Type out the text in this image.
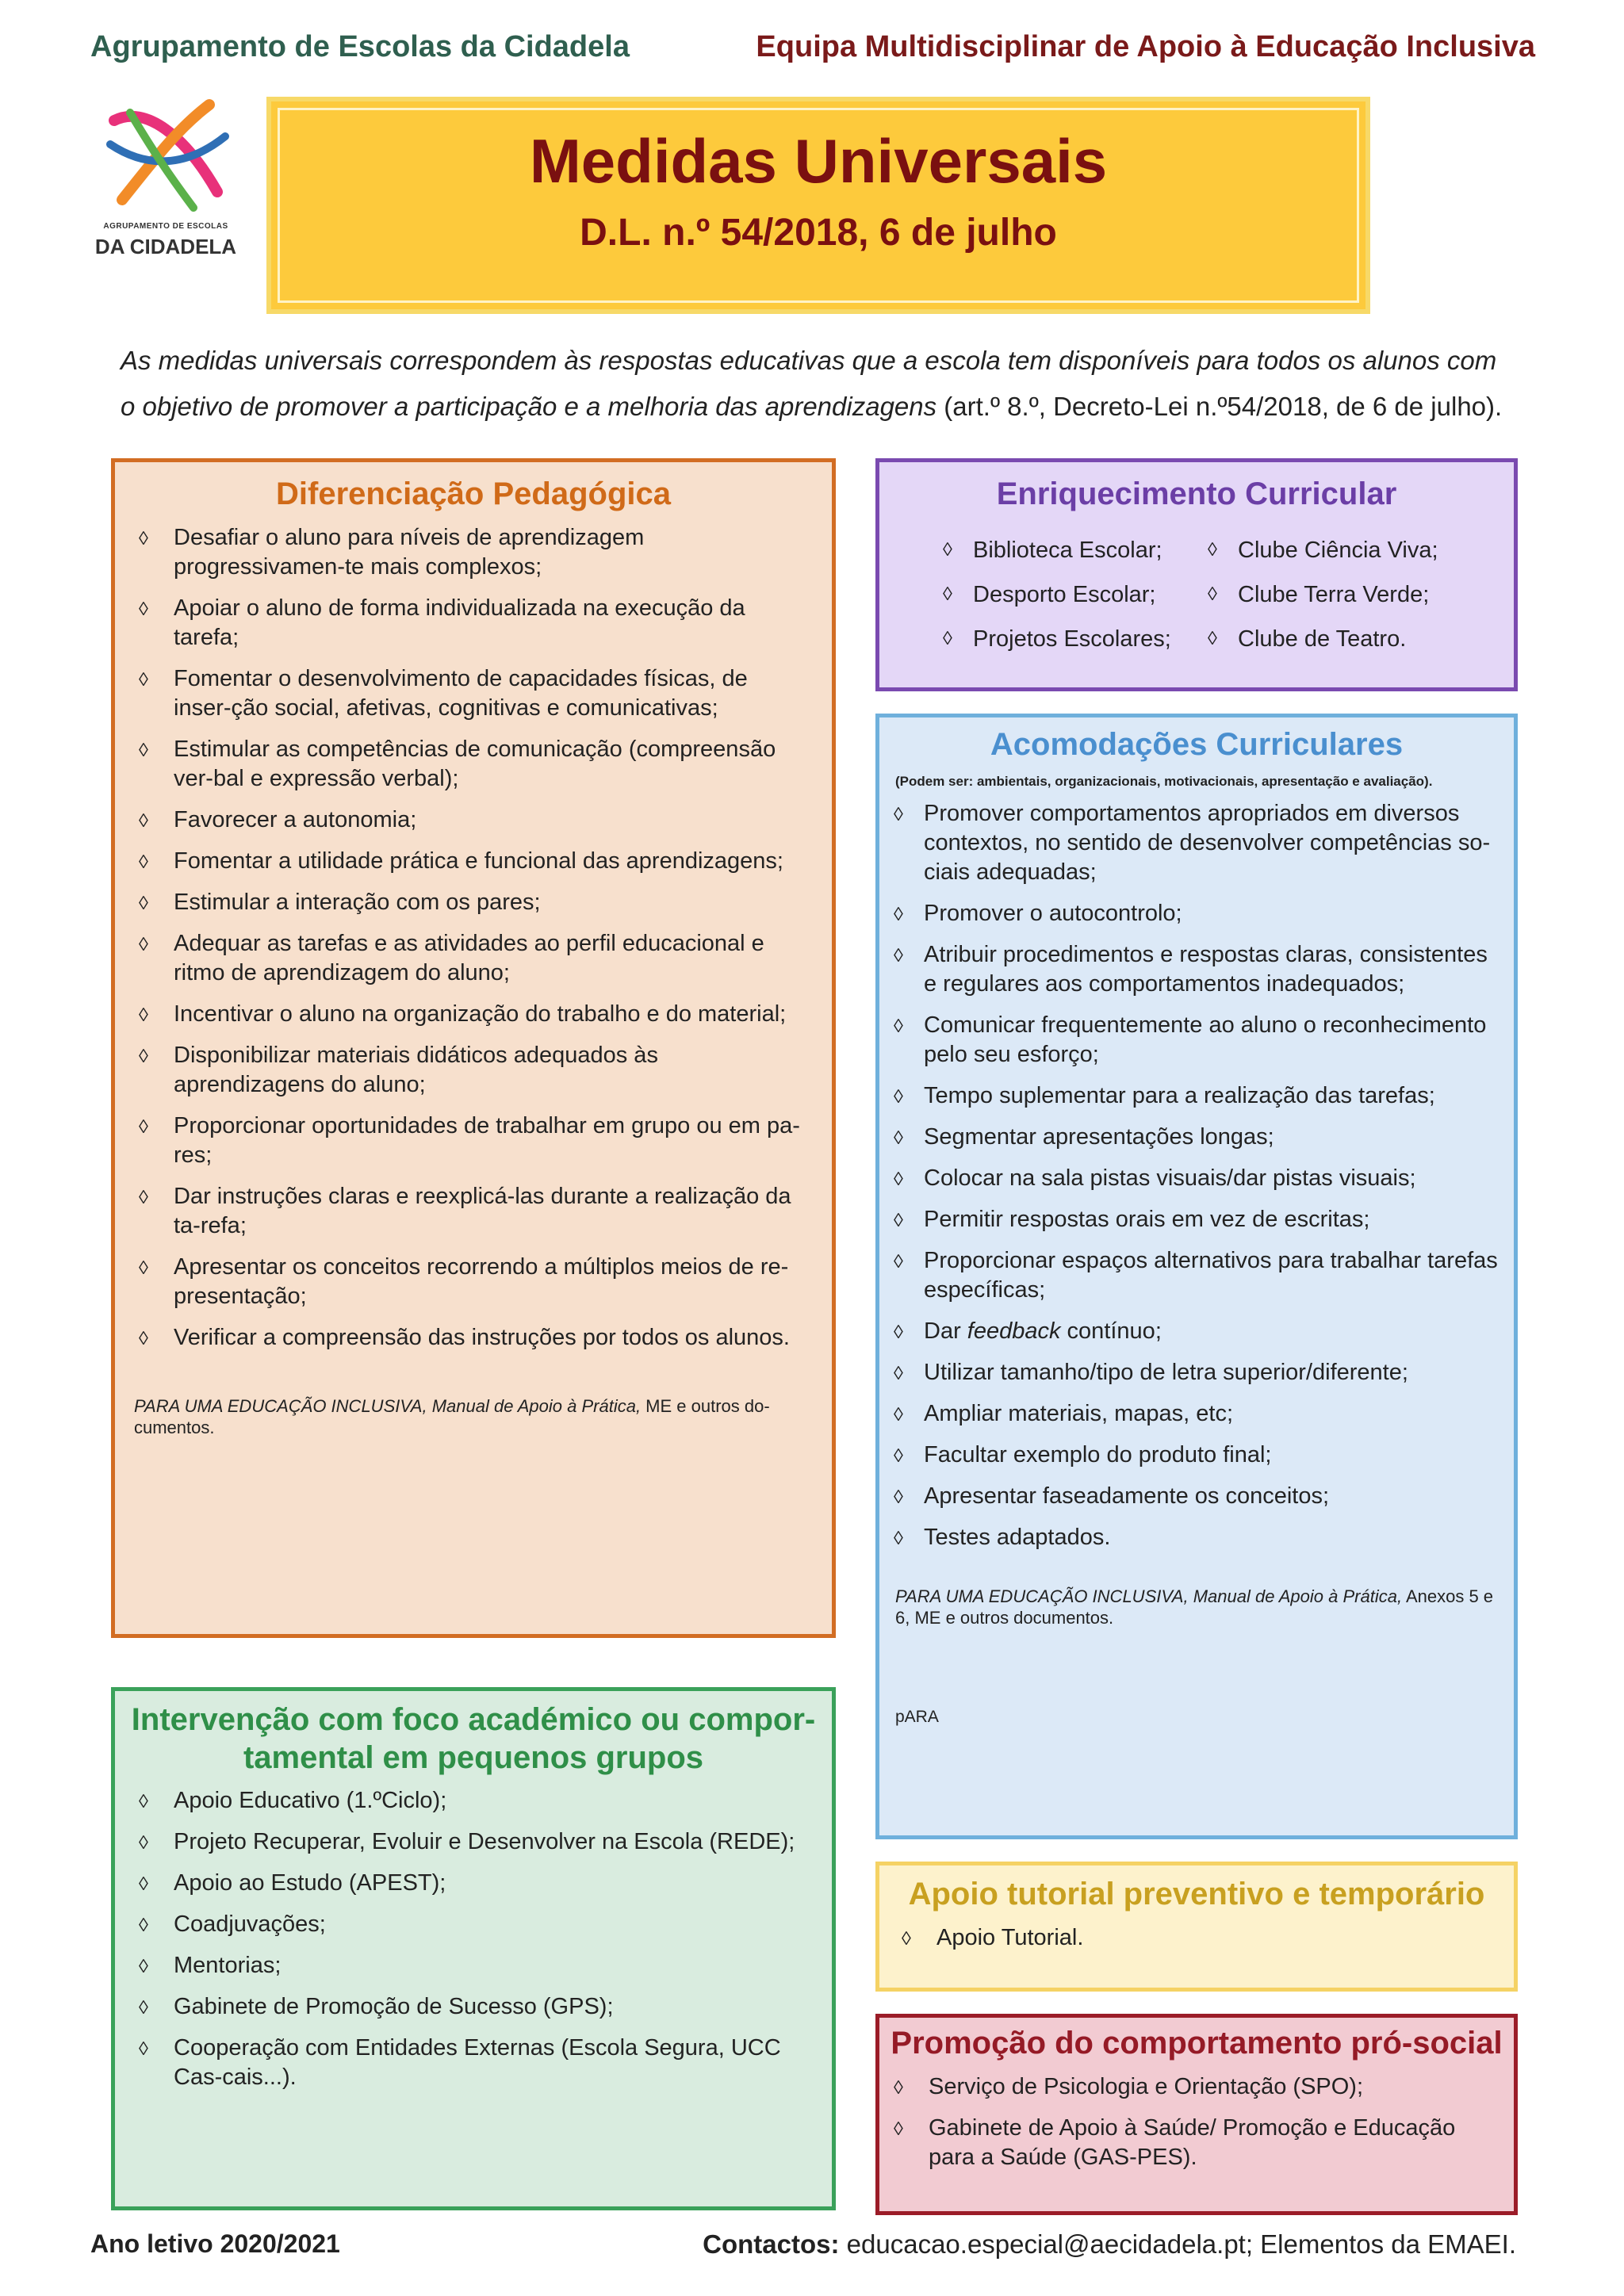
Agrupamento de Escolas da Cidadela	Equipa Multidisciplinar de Apoio à Educação Inclusiva
AGRUPAMENTO DE ESCOLAS
DA CIDADELA
Medidas Universais
D.L. n.º 54/2018, 6 de julho

As medidas universais correspondem às respostas educativas que a escola tem disponíveis para todos os alunos com o objetivo de promover a participação e a melhoria das aprendizagens (art.º 8.º, Decreto-Lei n.º54/2018, de 6 de julho).

Diferenciação Pedagógica
◊ Desafiar o aluno para níveis de aprendizagem progressivamen-te mais complexos;
◊ Apoiar o aluno de forma individualizada na execução da tarefa;
◊ Fomentar o desenvolvimento de capacidades físicas, de inser-ção social, afetivas, cognitivas e comunicativas;
◊ Estimular as competências de comunicação (compreensão ver-bal e expressão verbal);
◊ Favorecer a autonomia;
◊ Fomentar a utilidade prática e funcional das aprendizagens;
◊ Estimular a interação com os pares;
◊ Adequar as tarefas e as atividades ao perfil educacional e ritmo de aprendizagem do aluno;
◊ Incentivar o aluno na organização do trabalho e do material;
◊ Disponibilizar materiais didáticos adequados às aprendizagens do aluno;
◊ Proporcionar oportunidades de trabalhar em grupo ou em pa-res;
◊ Dar instruções claras e reexplicá-las durante a realização da ta-refa;
◊ Apresentar os conceitos recorrendo a múltiplos meios de re-presentação;
◊ Verificar a compreensão das instruções por todos os alunos.

PARA UMA EDUCAÇÃO INCLUSIVA, Manual de Apoio à Prática, ME e outros do-cumentos.

Enriquecimento Curricular
◊ Biblioteca Escolar;	◊ Clube Ciência Viva;
◊ Desporto Escolar;	◊ Clube Terra Verde;
◊ Projetos Escolares;	◊ Clube de Teatro.
Acomodações Curriculares
(Podem ser: ambientais, organizacionais, motivacionais, apresentação e avaliação).
◊ Promover comportamentos apropriados em diversos contextos, no sentido de desenvolver competências so-ciais adequadas;
◊ Promover o autocontrolo;
◊ Atribuir procedimentos e respostas claras, consistentes e regulares aos comportamentos inadequados;
◊ Comunicar frequentemente ao aluno o reconhecimento pelo seu esforço;
◊ Tempo suplementar para a realização das tarefas;
◊ Segmentar apresentações longas;
◊ Colocar na sala pistas visuais/dar pistas visuais;
◊ Permitir respostas orais em vez de escritas;
◊ Proporcionar espaços alternativos para trabalhar tarefas específicas;
◊ Dar feedback contínuo;
◊ Utilizar tamanho/tipo de letra superior/diferente;
◊ Ampliar materiais, mapas, etc;
◊ Facultar exemplo do produto final;
◊ Apresentar faseadamente os conceitos;
◊ Testes adaptados.

PARA UMA EDUCAÇÃO INCLUSIVA, Manual de Apoio à Prática, Anexos 5 e 6, ME e outros documentos.

pARA

Intervenção com foco académico ou compor-tamental em pequenos grupos
◊ Apoio Educativo (1.ºCiclo);
◊ Projeto Recuperar, Evoluir e Desenvolver na Escola (REDE);
◊ Apoio ao Estudo (APEST);
◊ Coadjuvações;
◊ Mentorias;
◊ Gabinete de Promoção de Sucesso (GPS);
◊ Cooperação com Entidades Externas (Escola Segura, UCC Cas-cais...).
Apoio tutorial preventivo e temporário
◊ Apoio Tutorial.
Promoção do comportamento pró-social
◊ Serviço de Psicologia e Orientação (SPO);
◊ Gabinete de Apoio à Saúde/ Promoção e Educação para a Saúde (GAS-PES).
Ano letivo 2020/2021	Contactos: educacao.especial@aecidadela.pt; Elementos da EMAEI.
